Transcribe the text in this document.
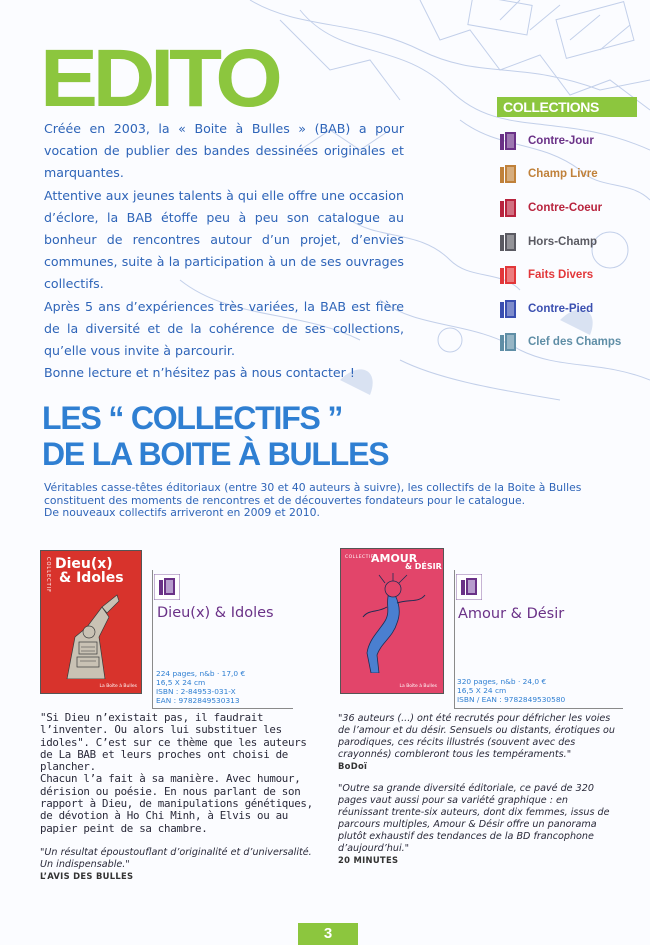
EDITO

Créée en 2003, la « Boite à Bulles » (BAB) a pour vocation de publier des bandes dessinées originales et marquantes.

Attentive aux jeunes talents à qui elle offre une occasion d’éclore, la BAB étoffe peu à peu son catalogue au bonheur de rencontres autour d’un projet, d’envies communes, suite à la participation à un de ses ouvrages collectifs.

Après 5 ans d’expériences très variées, la BAB est fière de la diversité et de la cohérence de ses collections, qu’elle vous invite à parcourir.

Bonne lecture et n’hésitez pas à nous contacter !

COLLECTIONS
Contre-Jour
Champ Livre
Contre-Coeur
Hors-Champ
Faits Divers
Contre-Pied
Clef des Champs
LES “ COLLECTIFS ”
DE LA BOITE À BULLES

Véritables casse-têtes éditoriaux (entre 30 et 40 auteurs à suivre), les collectifs de la Boite à Bulles constituent des moments de rencontres et de découvertes fondateurs pour le catalogue.

De nouveaux collectifs arriveront en 2009 et 2010.

COLLECTIF Dieu(x)
& Idoles
La Boîte à Bulles
Dieu(x) & Idoles
224 pages, n&b · 17,0 €
16,5 X 24 cm
ISBN : 2-84953-031-X
EAN : 9782849530313

"Si Dieu n’existait pas, il faudrait l’inventer. Ou alors lui substituer les idoles". C’est sur ce thème que les auteurs de La BAB et leurs proches ont choisi de plancher.

Chacun l’a fait à sa manière. Avec humour, dérision ou poésie. En nous parlant de son rapport à Dieu, de manipulations génétiques, de dévotion à Ho Chi Minh, à Elvis ou au papier peint de sa chambre.

"Un résultat époustouflant d’originalité et d’universalité. Un indispensable."

L’AVIS DES BULLES

COLLECTIF
AMOUR
& DÉSIR
La Boîte à Bulles
Amour & Désir
320 pages, n&b · 24,0 €
16,5 X 24 cm
ISBN / EAN : 9782849530580

"36 auteurs (...) ont été recrutés pour défricher les voies de l’amour et du désir. Sensuels ou distants, érotiques ou parodiques, ces récits illustrés (souvent avec des crayonnés) combleront tous les tempéraments."

BoDoï

"Outre sa grande diversité éditoriale, ce pavé de 320 pages vaut aussi pour sa variété graphique : en réunissant trente-six auteurs, dont dix femmes, issus de parcours multiples, Amour & Désir offre un panorama plutôt exhaustif des tendances de la BD francophone d’aujourd’hui."

20 MINUTES

3
